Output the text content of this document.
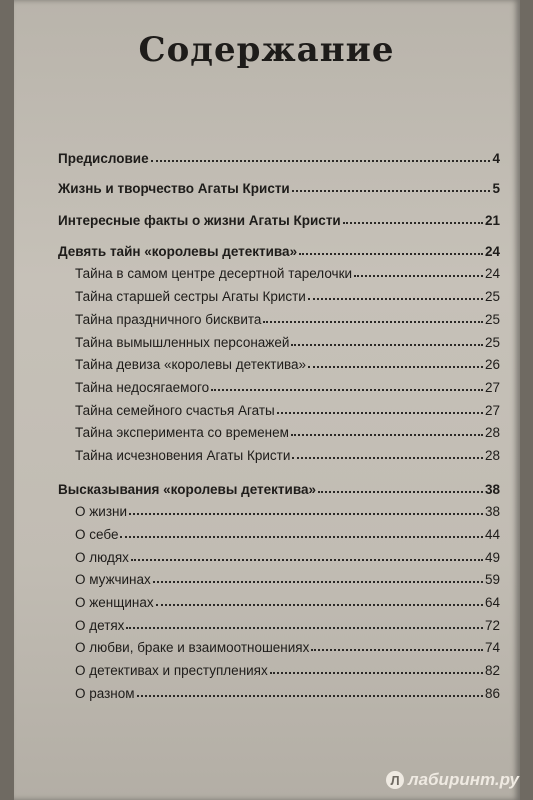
Содержание
Предисловие	4
Жизнь и творчество Агаты Кристи	5
Интересные факты о жизни Агаты Кристи	21
Девять тайн «королевы детектива»	24
Тайна в самом центре десертной тарелочки	24
Тайна старшей сестры Агаты Кристи	25
Тайна праздничного бисквита	25
Тайна вымышленных персонажей	25
Тайна девиза «королевы детектива»	26
Тайна недосягаемого	27
Тайна семейного счастья Агаты	27
Тайна эксперимента со временем	28
Тайна исчезновения Агаты Кристи	28
Высказывания «королевы детектива»	38
О жизни	38
О себе	44
О людях	49
О мужчинах	59
О женщинах	64
О детях	72
О любви, браке и взаимоотношениях	74
О детективах и преступлениях	82
О разном	86
Л лабиринт.ру
